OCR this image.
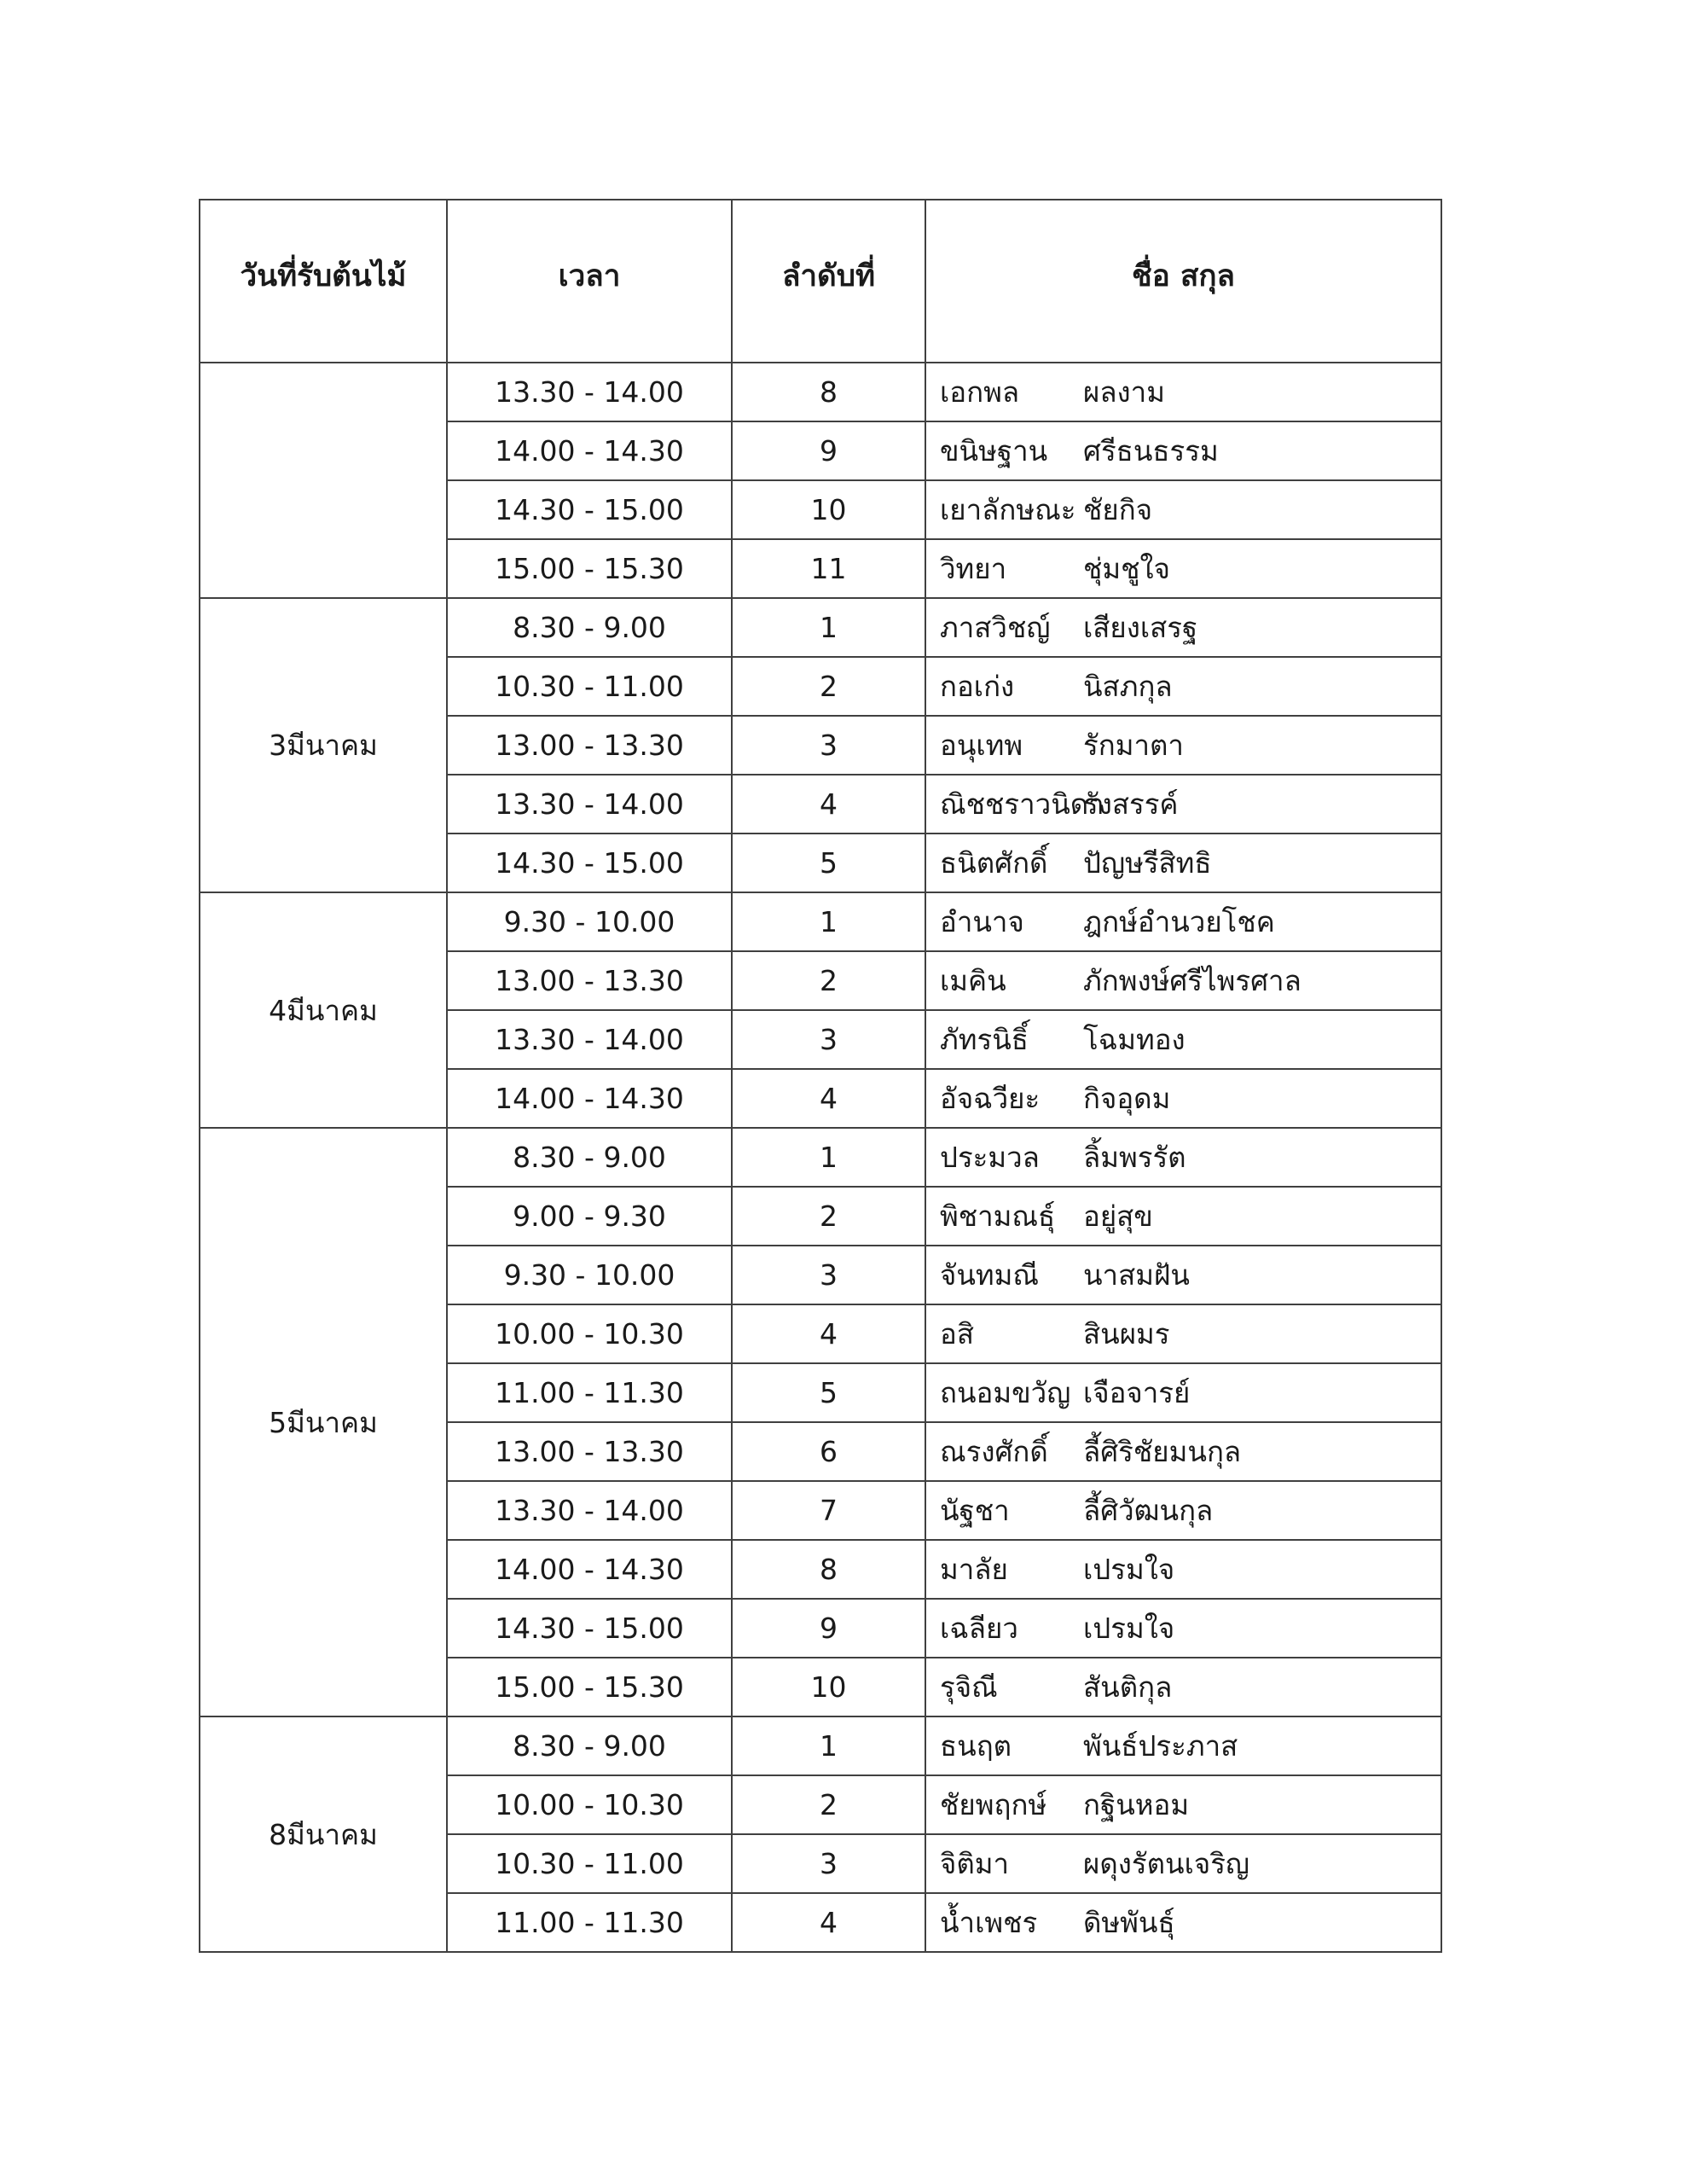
วันที่รับต้นไม้	เวลา	ลำดับที่	ชื่อ สกุล
	13.30 - 14.00	8	เอกพล ผลงาม
	14.00 - 14.30	9	ขนิษฐาน ศรีธนธรรม
	14.30 - 15.00	10	เยาลักษณะ ชัยกิจ
	15.00 - 15.30	11	วิทยา ชุ่มชูใจ
3มีนาคม	8.30 - 9.00	1	ภาสวิชญ์ เสียงเสรฐ
	10.30 - 11.00	2	กอเก่ง นิสภกุล
	13.00 - 13.30	3	อนุเทพ รักมาตา
	13.30 - 14.00	4	ณิชชราวนิดารังสรรค์
	14.30 - 15.00	5	ธนิตศักดิ์ ปัญษรีสิทธิ
4มีนาคม	9.30 - 10.00	1	อำนาจ ฎกษ์อำนวยโชค
	13.00 - 13.30	2	เมคิน ภักพงษ์ศรีไพรศาล
	13.30 - 14.00	3	ภัทรนิธิ์ โฉมทอง
	14.00 - 14.30	4	อัจฉวียะ กิจอุดม
5มีนาคม	8.30 - 9.00	1	ประมวล ลิ้มพรรัต
	9.00 - 9.30	2	พิชามณธุ์ อยู่สุข
	9.30 - 10.00	3	จันทมณี นาสมฝัน
	10.00 - 10.30	4	อสิ สินผมร
	11.00 - 11.30	5	ถนอมขวัญ เจือจารย์
	13.00 - 13.30	6	ณรงศักดิ์ ลี้ศิริชัยมนกุล
	13.30 - 14.00	7	นัฐชา ลี้ศิวัฒนกุล
	14.00 - 14.30	8	มาลัย เปรมใจ
	14.30 - 15.00	9	เฉลียว เปรมใจ
	15.00 - 15.30	10	รุจิณี สันติกุล
8มีนาคม	8.30 - 9.00	1	ธนฤต พันธ์ประภาส
	10.00 - 10.30	2	ชัยพฤกษ์ กฐินหอม
	10.30 - 11.00	3	จิติมา ผดุงรัตนเจริญ
	11.00 - 11.30	4	น้ำเพชร ดิษพันธุ์
